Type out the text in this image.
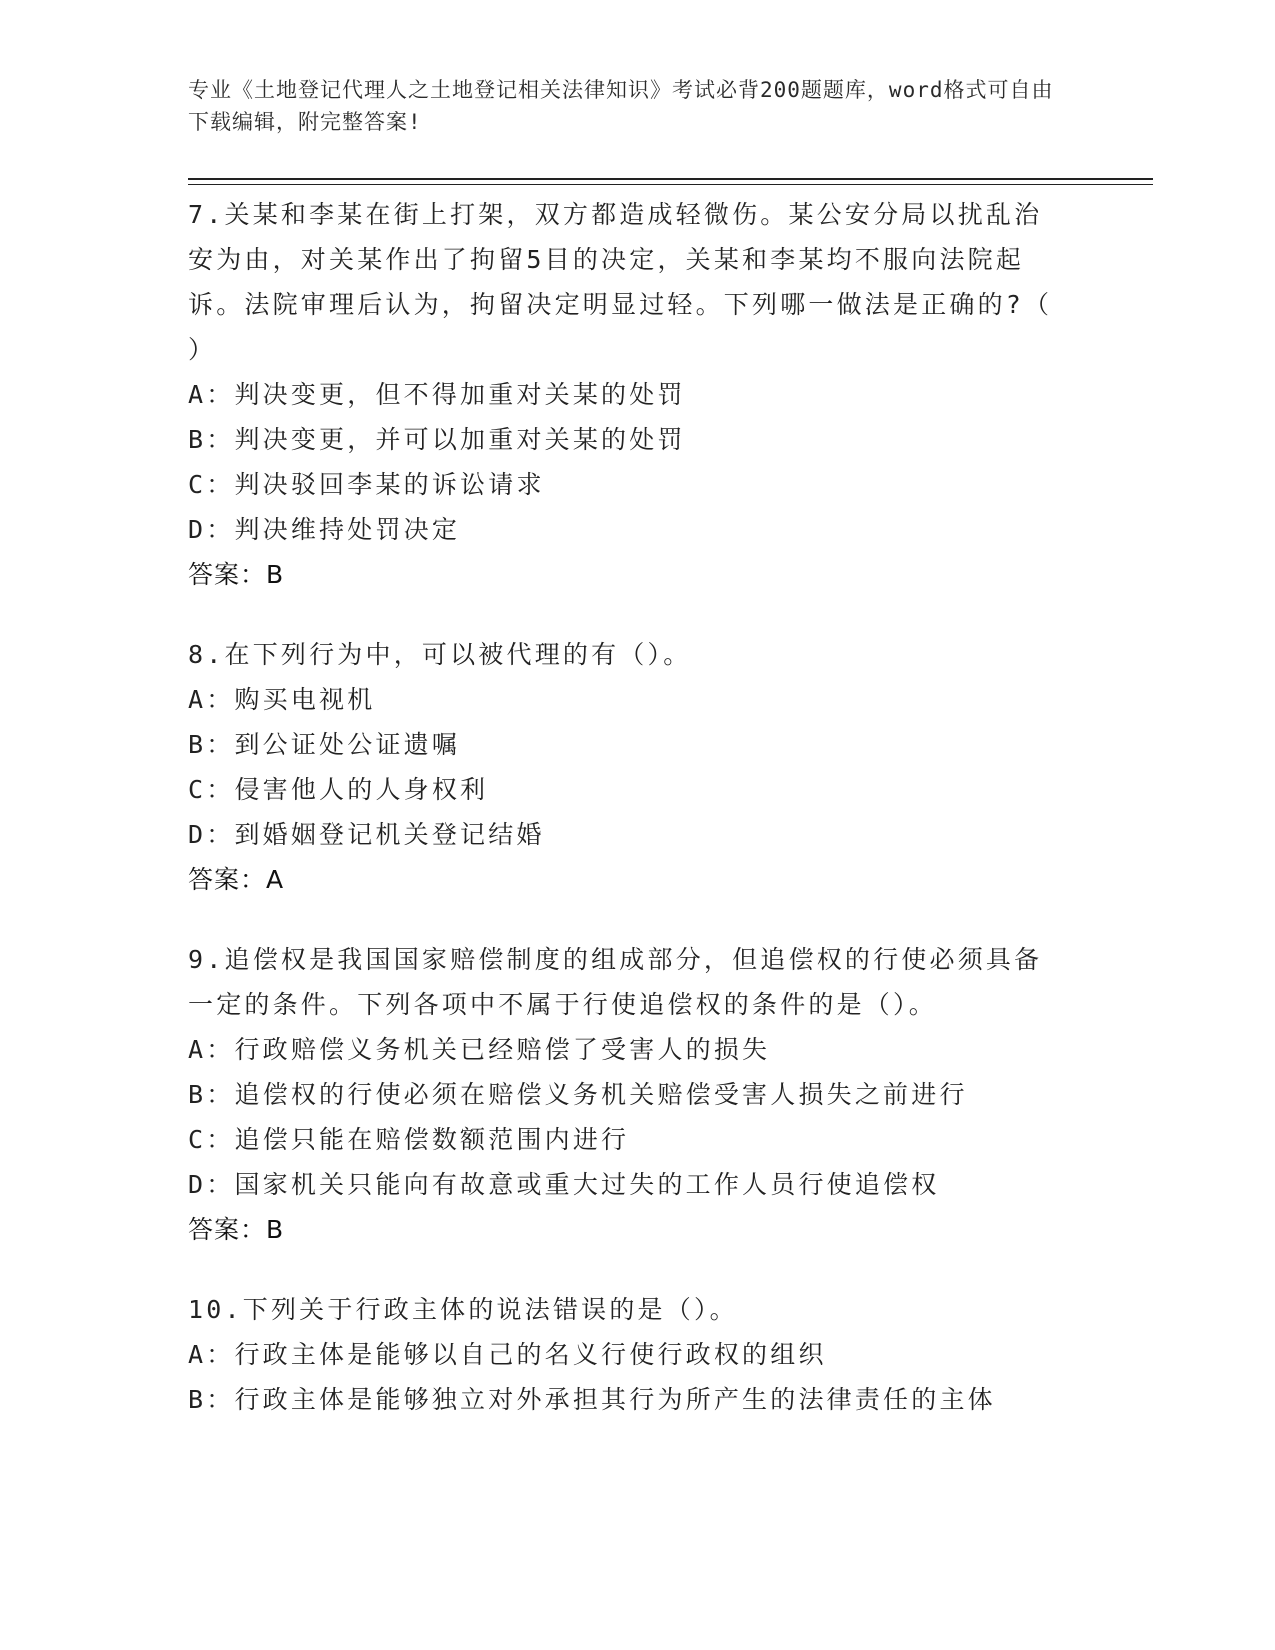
专业《土地登记代理人之土地登记相关法律知识》考试必背200题题库，word格式可自由下载编辑，附完整答案!

7.关某和李某在街上打架，双方都造成轻微伤。某公安分局以扰乱治安为由，对关某作出了拘留5目的决定，关某和李某均不服向法院起诉。法院审理后认为，拘留决定明显过轻。下列哪一做法是正确的?（ ）

A：判决变更，但不得加重对关某的处罚

B：判决变更，并可以加重对关某的处罚

C：判决驳回李某的诉讼请求

D：判决维持处罚决定

答案：B

8.在下列行为中，可以被代理的有（）。

A：购买电视机

B：到公证处公证遗嘱

C：侵害他人的人身权利

D：到婚姻登记机关登记结婚

答案：A

9.追偿权是我国国家赔偿制度的组成部分，但追偿权的行使必须具备一定的条件。下列各项中不属于行使追偿权的条件的是（）。

A：行政赔偿义务机关已经赔偿了受害人的损失

B：追偿权的行使必须在赔偿义务机关赔偿受害人损失之前进行

C：追偿只能在赔偿数额范围内进行

D：国家机关只能向有故意或重大过失的工作人员行使追偿权

答案：B

10.下列关于行政主体的说法错误的是（）。

A：行政主体是能够以自己的名义行使行政权的组织

B：行政主体是能够独立对外承担其行为所产生的法律责任的主体
